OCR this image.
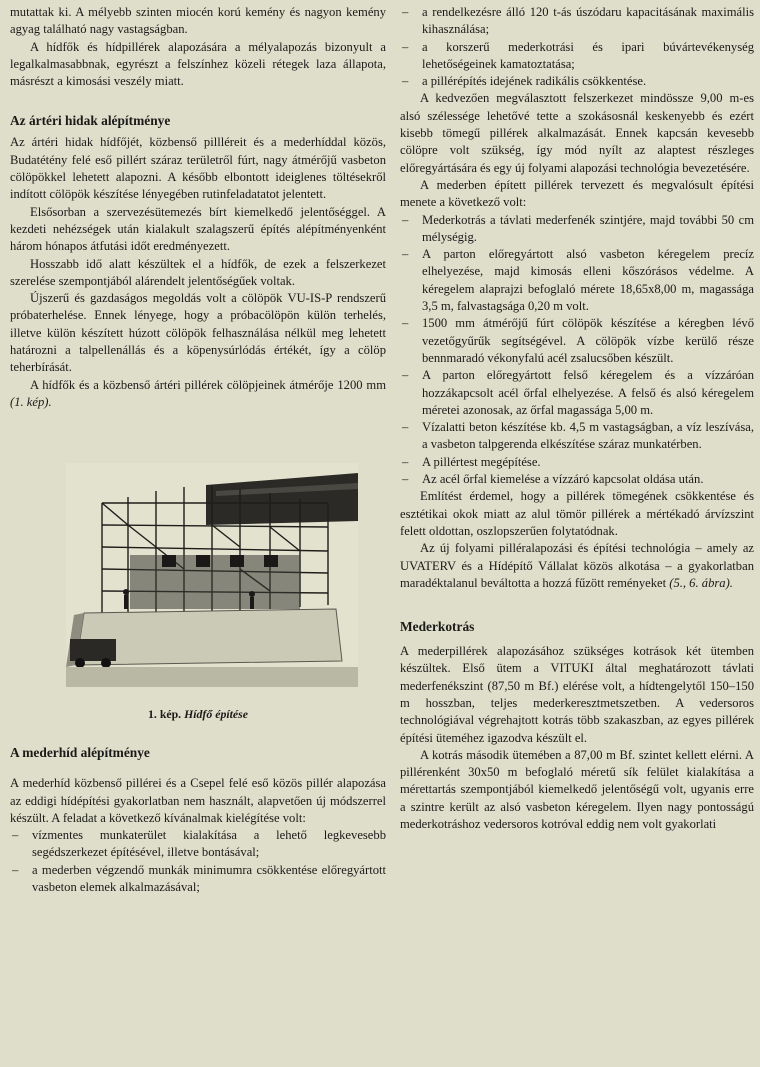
mutattak ki. A mélyebb szinten miocén korú kemény és nagyon kemény agyag található nagy vastagságban.

A hídfők és hídpillérek alapozására a mélyalapozás bizonyult a legalkalmasabbnak, egyrészt a felszínhez közeli rétegek laza állapota, másrészt a kimosási veszély miatt.

Az ártéri hidak alépítménye

Az ártéri hidak hídfőjét, közbenső pillléreit és a mederhíddal közös, Budatétény felé eső pillért száraz területről fúrt, nagy átmérőjű vasbeton cölöpökkel lehetett alapozni. A később elbontott ideiglenes töltésekről indított cölöpök készítése lényegében rutinfeladatatot jelentett.

Elsősorban a szervezésütemezés bírt kiemelkedő jelentőséggel. A kezdeti nehézségek után kialakult szalagszerű építés alépítményenként három hónapos átfutási időt eredményezett.

Hosszabb idő alatt készültek el a hídfők, de ezek a felszerkezet szerelése szempontjából alárendelt jelentőségűek voltak.

Újszerű és gazdaságos megoldás volt a cölöpök VU-IS-P rendszerű próbaterhelése. Ennek lényege, hogy a próbacölöpön külön terhelés, illetve külön készített húzott cölöpök felhasználása nélkül meg lehetett határozni a talpellenállás és a köpenysúrlódás értékét, így a cölöp teherbírását.

A hídfők és a közbenső ártéri pillérek cölöpjeinek átmérője 1200 mm (1. kép).

1. kép. Hídfő építése
A mederhíd alépítménye

A mederhíd közbenső pillérei és a Csepel felé eső közös pillér alapozása az eddigi hídépítési gyakorlatban nem használt, alapvetően új módszerrel készült. A feladat a következő kívánalmak kielégítése volt:

– vízmentes munkaterület kialakítása a lehető legkevesebb segédszerkezet építésével, illetve bontásával;
– a mederben végzendő munkák minimumra csökkentése előregyártott vasbeton elemek alkalmazásával;
– a rendelkezésre álló 120 t-ás úszódaru kapacitásának maximális kihasználása;
– a korszerű mederkotrási és ipari búvártevékenység lehetőségeinek kamatoztatása;
– a pillérépítés idejének radikális csökkentése.

A kedvezően megválasztott felszerkezet mindössze 9,00 m-es alsó szélessége lehetővé tette a szokásosnál keskenyebb és ezért kisebb tömegű pillérek alkalmazását. Ennek kapcsán kevesebb cölöpre volt szükség, így mód nyílt az alaptest részleges előregyártására és egy új folyami alapozási technológia bevezetésére.

A mederben épített pillérek tervezett és megvalósult építési menete a következő volt:

– Mederkotrás a távlati mederfenék szintjére, majd további 50 cm mélységig.
– A parton előregyártott alsó vasbeton kéregelem precíz elhelyezése, majd kimosás elleni kőszórásos védelme. A kéregelem alaprajzi befoglaló mérete 18,65x8,00 m, magassága 3,5 m, falvastagsága 0,20 m volt.
– 1500 mm átmérőjű fúrt cölöpök készítése a kéregben lévő vezetőgyűrűk segítségével. A cölöpök vízbe kerülő része bennmaradó vékonyfalú acél zsalucsőben készült.
– A parton előregyártott felső kéregelem és a vízzáróan hozzákapcsolt acél őrfal elhelyezése. A felső és alsó kéregelem méretei azonosak, az őrfal magassága 5,00 m.
– Vízalatti beton készítése kb. 4,5 m vastagságban, a víz leszívása, a vasbeton talpgerenda elkészítése száraz munkatérben.
– A pillértest megépítése.
– Az acél őrfal kiemelése a vízzáró kapcsolat oldása után.

Említést érdemel, hogy a pillérek tömegének csökkentése és esztétikai okok miatt az alul tömör pillérek a mértékadó árvízszint felett oldottan, oszlopszerűen folytatódnak.

Az új folyami pilléralapozási és építési technológia – amely az UVATERV és a Hídépítő Vállalat közös alkotása – a gyakorlatban maradéktalanul beváltotta a hozzá fűzött reményeket (5., 6. ábra).

Mederkotrás

A mederpillérek alapozásához szükséges kotrások két ütemben készültek. Első ütem a VITUKI által meghatározott távlati mederfenékszint (87,50 m Bf.) elérése volt, a hídtengelytől 150–150 m hosszban, teljes mederkeresztmetszetben. A vedersoros technológiával végrehajtott kotrás több szakaszban, az egyes pillérek építési üteméhez igazodva készült el.

A kotrás második ütemében a 87,00 m Bf. szintet kellett elérni. A pillérenként 30x50 m befoglaló méretű sík felület kialakítása a mérettartás szempontjából kiemelkedő jelentőségű volt, ugyanis erre a szintre került az alsó vasbeton kéregelem. Ilyen nagy pontosságú mederkotráshoz vedersoros kotróval eddig nem volt gyakorlati
